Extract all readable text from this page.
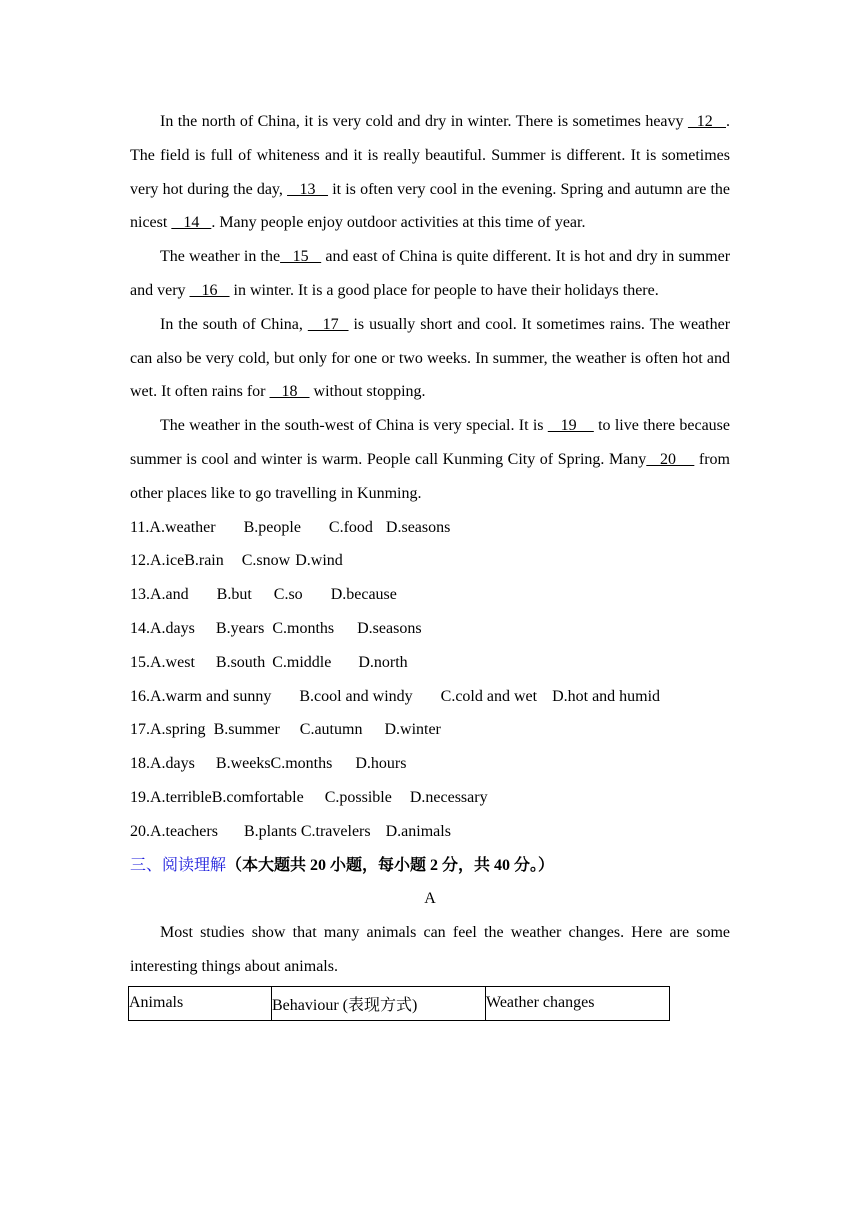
In the north of China, it is very cold and dry in winter. There is sometimes heavy   12   . The field is full of whiteness and it is really beautiful. Summer is different. It is sometimes very hot during the day,    13    it is often very cool in the evening. Spring and autumn are the nicest    14   . Many people enjoy outdoor activities at this time of year.

The weather in the   15    and east of China is quite different. It is hot and dry in summer and very    16    in winter. It is a good place for people to have their holidays there.

In the south of China,    17   is usually short and cool. It sometimes rains. The weather can also be very cold, but only for one or two weeks. In summer, the weather is often hot and wet. It often rains for    18    without stopping.

The weather in the south-west of China is very special. It is    19     to live there because summer is cool and winter is warm. People call Kunming City of Spring. Many   20     from other places like to go travelling in Kunming.

11.A.weather B.people C.food D.seasons
12.A.iceB.rain C.snow D.wind
13.A.and B.but C.so D.because
14.A.days B.years C.months D.seasons
15.A.west B.south C.middle D.north
16.A.warm and sunny B.cool and windy C.cold and wet D.hot and humid
17.A.spring B.summer C.autumn D.winter
18.A.days B.weeksC.months D.hours
19.A.terribleB.comfortable C.possible D.necessary
20.A.teachers B.plants C.travelers D.animals
三、阅读理解（本大题共 20 小题，每小题 2 分，共 40 分。）
A

Most studies show that many animals can feel the weather changes. Here are some interesting things about animals.

Animals	Behaviour (表现方式)	Weather changes
